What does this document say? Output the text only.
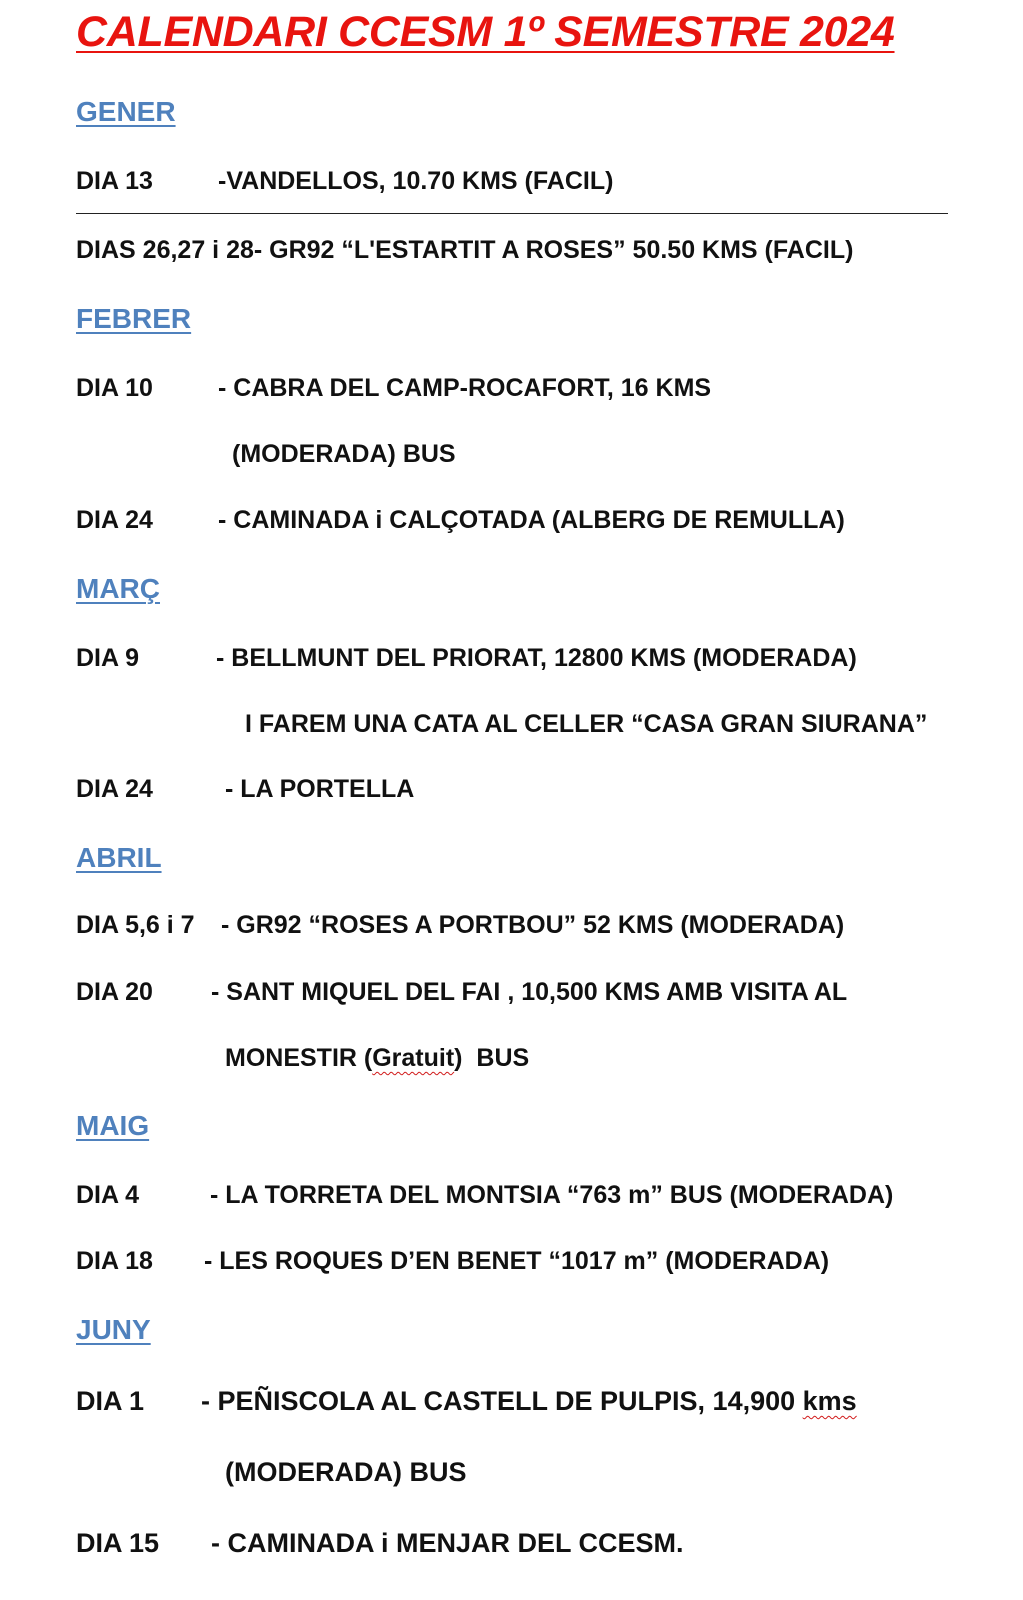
CALENDARI CCESM 1º SEMESTRE 2024
GENER
DIA 13	-VANDELLOS, 10.70 KMS (FACIL)
DIAS 26,27 i 28- GR92 “L'ESTARTIT A ROSES” 50.50 KMS (FACIL)
FEBRER
DIA 10	- CABRA DEL CAMP-ROCAFORT, 16 KMS
(MODERADA) BUS
DIA 24	- CAMINADA i CALÇOTADA (ALBERG DE REMULLA)
MARÇ
DIA 9	- BELLMUNT DEL PRIORAT, 12800 KMS (MODERADA)
I FAREM UNA CATA AL CELLER “CASA GRAN SIURANA”
DIA 24	- LA PORTELLA
ABRIL
DIA 5,6 i 7 - GR92 “ROSES A PORTBOU” 52 KMS (MODERADA)
DIA 20 - SANT MIQUEL DEL FAI , 10,500 KMS AMB VISITA AL
MONESTIR (Gratuit)  BUS
MAIG
DIA 4	- LA TORRETA DEL MONTSIA “763 m” BUS (MODERADA)
DIA 18 - LES ROQUES D’EN BENET “1017 m” (MODERADA)
JUNY
DIA 1 - PEÑISCOLA AL CASTELL DE PULPIS, 14,900 kms
(MODERADA) BUS
DIA 15 - CAMINADA i MENJAR DEL CCESM.
